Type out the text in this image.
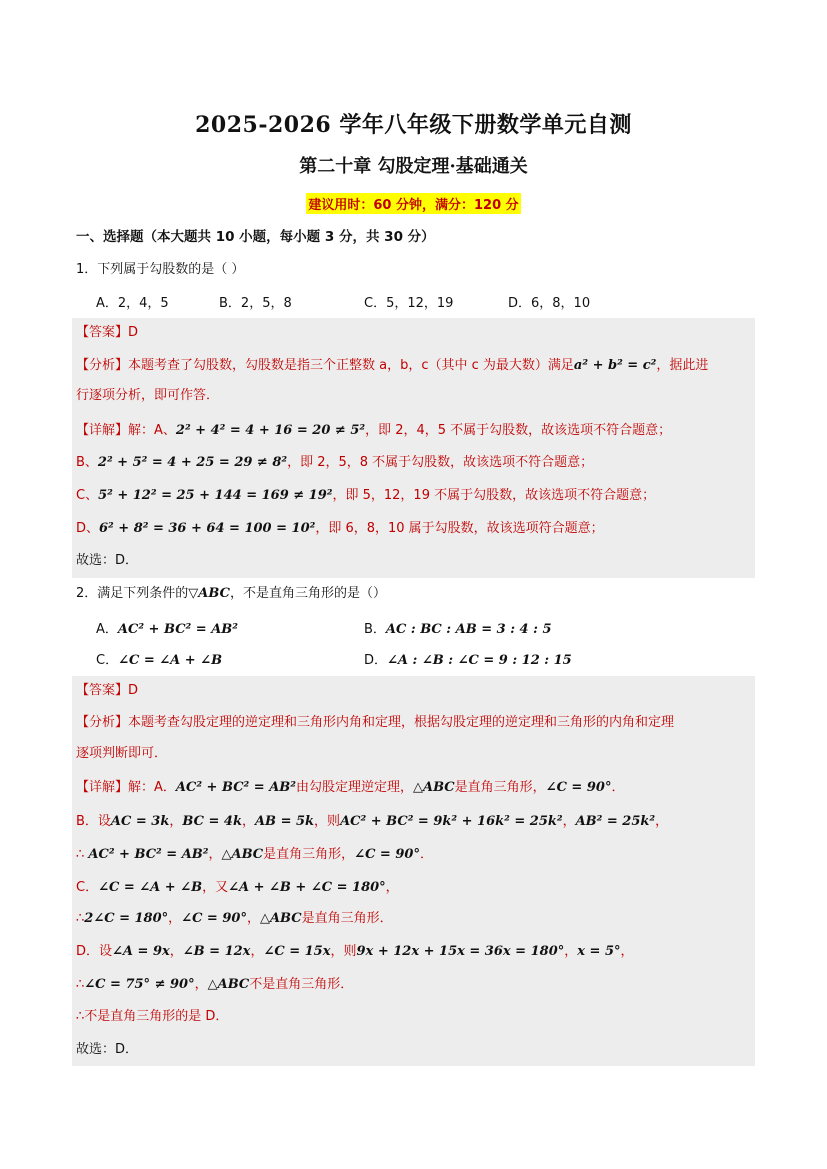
2025-2026 学年八年级下册数学单元自测
第二十章 勾股定理·基础通关
建议用时：60 分钟，满分：120 分
一、选择题（本大题共 10 小题，每小题 3 分，共 30 分）
1．下列属于勾股数的是（ ）
A．2，4，5	B．2，5，8	C．5，12，19	D．6，8，10
【答案】D
【分析】本题考查了勾股数，勾股数是指三个正整数 a，b，c（其中 c 为最大数）满足a² + b² = c²，据此进
行逐项分析，即可作答．
【详解】解：A、2² + 4² = 4 + 16 = 20 ≠ 5²，即 2，4，5 不属于勾股数，故该选项不符合题意；
B、2² + 5² = 4 + 25 = 29 ≠ 8²，即 2，5，8 不属于勾股数，故该选项不符合题意；
C、5² + 12² = 25 + 144 = 169 ≠ 19²，即 5，12，19 不属于勾股数，故该选项不符合题意；
D、6² + 8² = 36 + 64 = 100 = 10²，即 6，8，10 属于勾股数，故该选项符合题意；
故选：D．
2．满足下列条件的▽ABC，不是直角三角形的是（）
A．AC² + BC² = AB²	B．AC : BC : AB = 3 : 4 : 5
C．∠C = ∠A + ∠B	D．∠A : ∠B : ∠C = 9 : 12 : 15
【答案】D
【分析】本题考查勾股定理的逆定理和三角形内角和定理，根据勾股定理的逆定理和三角形的内角和定理
逐项判断即可．
【详解】解：A．AC² + BC² = AB²由勾股定理逆定理，△ABC是直角三角形，∠C = 90°．
B．设AC = 3k，BC = 4k，AB = 5k，则AC² + BC² = 9k² + 16k² = 25k²，AB² = 25k²，
∴ AC² + BC² = AB²，△ABC是直角三角形，∠C = 90°．
C．∠C = ∠A + ∠B，又∠A + ∠B + ∠C = 180°，
∴2∠C = 180°，∠C = 90°，△ABC是直角三角形．
D．设∠A = 9x，∠B = 12x，∠C = 15x，则9x + 12x + 15x = 36x = 180°，x = 5°，
∴∠C = 75° ≠ 90°，△ABC不是直角三角形．
∴不是直角三角形的是 D．
故选：D．
